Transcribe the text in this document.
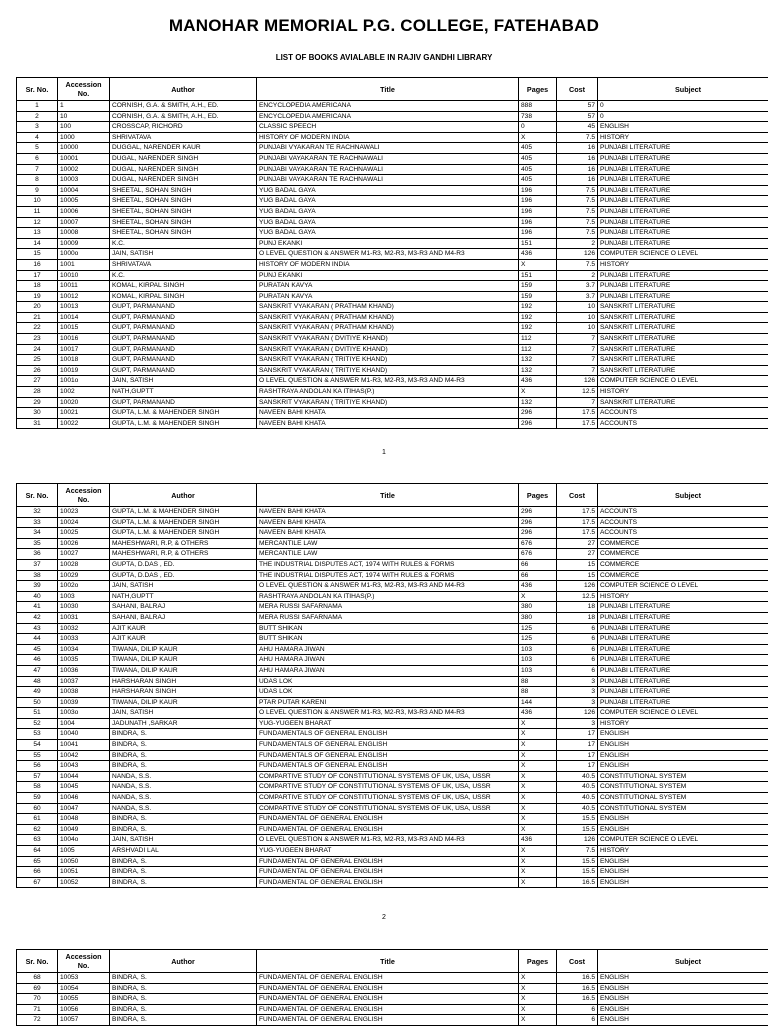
MANOHAR MEMORIAL P.G. COLLEGE, FATEHABAD
LIST OF BOOKS AVIALABLE IN RAJIV GANDHI LIBRARY
Sr. No.	Accession No.	Author	Title	Pages	Cost	Subject
1	1	CORNISH, G.A. & SMITH, A.H., ED.	ENCYCLOPEDIA AMERICANA	888	57	0
2	10	CORNISH, G.A. & SMITH, A.H., ED.	ENCYCLOPEDIA AMERICANA	738	57	0
3	100	CROSSCAP, RICHORD	CLASSIC SPEECH	0	45	ENGLISH
4	1000	SHRIVATAVA	HISTORY OF MODERN INDIA	X	7.5	HISTORY
5	10000	DUGGAL, NARENDER KAUR	PUNJABI VYAKARAN TE RACHNAWALI	405	16	PUNJABI LITERATURE
6	10001	DUGAL, NARENDER SINGH	PUNJABI VAYAKARAN TE RACHNAWALI	405	16	PUNJABI LITERATURE
7	10002	DUGAL, NARENDER SINGH	PUNJABI VAYAKARAN TE RACHNAWALI	405	16	PUNJABI LITERATURE
8	10003	DUGAL, NARENDER SINGH	PUNJABI VAYAKARAN TE RACHNAWALI	405	16	PUNJABI LITERATURE
9	10004	SHEETAL, SOHAN SINGH	YUG BADAL GAYA	196	7.5	PUNJABI LITERATURE
10	10005	SHEETAL, SOHAN SINGH	YUG BADAL GAYA	196	7.5	PUNJABI LITERATURE
11	10006	SHEETAL, SOHAN SINGH	YUG BADAL GAYA	196	7.5	PUNJABI LITERATURE
12	10007	SHEETAL, SOHAN SINGH	YUG BADAL GAYA	196	7.5	PUNJABI LITERATURE
13	10008	SHEETAL, SOHAN SINGH	YUG BADAL GAYA	196	7.5	PUNJABI LITERATURE
14	10009	K.C.	PUNJ EKANKI	151	2	PUNJABI LITERATURE
15	1000o	JAIN, SATISH	O LEVEL QUESTION & ANSWER M1-R3, M2-R3, M3-R3 AND M4-R3	436	126	COMPUTER SCIENCE O LEVEL
16	1001	SHRIVATAVA	HISTORY OF MODERN INDIA	X	7.5	HISTORY
17	10010	K.C.	PUNJ EKANKI	151	2	PUNJABI LITERATURE
18	10011	KOMAL, KIRPAL SINGH	PURATAN KAVYA	159	3.7	PUNJABI LITERATURE
19	10012	KOMAL, KIRPAL SINGH	PURATAN KAVYA	159	3.7	PUNJABI LITERATURE
20	10013	GUPT, PARMANAND	SANSKRIT VYAKARAN ( PRATHAM KHAND)	192	10	SANSKRIT LITERATURE
21	10014	GUPT, PARMANAND	SANSKRIT VYAKARAN ( PRATHAM KHAND)	192	10	SANSKRIT LITERATURE
22	10015	GUPT, PARMANAND	SANSKRIT VYAKARAN ( PRATHAM KHAND)	192	10	SANSKRIT LITERATURE
23	10016	GUPT, PARMANAND	SANSKRIT VYAKARAN ( DVITIYE KHAND)	112	7	SANSKRIT LITERATURE
24	10017	GUPT, PARMANAND	SANSKRIT VYAKARAN ( DVITIYE KHAND)	112	7	SANSKRIT LITERATURE
25	10018	GUPT, PARMANAND	SANSKRIT VYAKARAN ( TRITIYE KHAND)	132	7	SANSKRIT LITERATURE
26	10019	GUPT, PARMANAND	SANSKRIT VYAKARAN ( TRITIYE KHAND)	132	7	SANSKRIT LITERATURE
27	1001o	JAIN, SATISH	O LEVEL QUESTION & ANSWER M1-R3, M2-R3, M3-R3 AND M4-R3	436	126	COMPUTER SCIENCE O LEVEL
28	1002	NATH,GUPTT	RASHTRAYA ANDOLAN KA ITIHAS(P.)	X	12.5	HISTORY
29	10020	GUPT, PARMANAND	SANSKRIT VYAKARAN ( TRITIYE KHAND)	132	7	SANSKRIT LITERATURE
30	10021	GUPTA, L.M. & MAHENDER SINGH	NAVEEN BAHI KHATA	296	17.5	ACCOUNTS
31	10022	GUPTA, L.M. & MAHENDER SINGH	NAVEEN BAHI KHATA	296	17.5	ACCOUNTS
1
Sr. No.	Accession No.	Author	Title	Pages	Cost	Subject
32	10023	GUPTA, L.M. & MAHENDER SINGH	NAVEEN BAHI KHATA	296	17.5	ACCOUNTS
33	10024	GUPTA, L.M. & MAHENDER SINGH	NAVEEN BAHI KHATA	296	17.5	ACCOUNTS
34	10025	GUPTA, L.M. & MAHENDER SINGH	NAVEEN BAHI KHATA	296	17.5	ACCOUNTS
35	10026	MAHESHWARI, R.P, & OTHERS	MERCANTILE LAW	676	27	COMMERCE
36	10027	MAHESHWARI, R.P, & OTHERS	MERCANTILE LAW	676	27	COMMERCE
37	10028	GUPTA, D.DAS , ED.	THE INDUSTRIAL DISPUTES ACT, 1974 WITH RULES & FORMS	66	15	COMMERCE
38	10029	GUPTA, D.DAS , ED.	THE INDUSTRIAL DISPUTES ACT, 1974 WITH RULES & FORMS	66	15	COMMERCE
39	1002o	JAIN, SATISH	O LEVEL QUESTION & ANSWER M1-R3, M2-R3, M3-R3 AND M4-R3	436	126	COMPUTER SCIENCE O LEVEL
40	1003	NATH,GUPTT	RASHTRAYA ANDOLAN KA ITIHAS(P.)	X	12.5	HISTORY
41	10030	SAHANI, BALRAJ	MERA RUSSI SAFARNAMA	380	18	PUNJABI LITERATURE
42	10031	SAHANI, BALRAJ	MERA RUSSI SAFARNAMA	380	18	PUNJABI LITERATURE
43	10032	AJIT KAUR	BUTT SHIKAN	125	6	PUNJABI LITERATURE
44	10033	AJIT KAUR	BUTT SHIKAN	125	6	PUNJABI LITERATURE
45	10034	TIWANA, DILIP KAUR	AHU HAMARA JIWAN	103	6	PUNJABI LITERATURE
46	10035	TIWANA, DILIP KAUR	AHU HAMARA JIWAN	103	6	PUNJABI LITERATURE
47	10036	TIWANA, DILIP KAUR	AHU HAMARA JIWAN	103	6	PUNJABI LITERATURE
48	10037	HARSHARAN SINGH	UDAS LOK	88	3	PUNJABI LITERATURE
49	10038	HARSHARAN SINGH	UDAS LOK	88	3	PUNJABI LITERATURE
50	10039	TIWANA, DILIP KAUR	PTAR PUTAR KARENI	144	3	PUNJABI LITERATURE
51	1003o	JAIN, SATISH	O LEVEL QUESTION & ANSWER M1-R3, M2-R3, M3-R3 AND M4-R3	436	126	COMPUTER SCIENCE O LEVEL
52	1004	JADUNATH ,SARKAR	YUG-YUGEEN BHARAT	X	3	HISTORY
53	10040	BINDRA, S.	FUNDAMENTALS OF GENERAL ENGLISH	X	17	ENGLISH
54	10041	BINDRA, S.	FUNDAMENTALS OF GENERAL ENGLISH	X	17	ENGLISH
55	10042	BINDRA, S.	FUNDAMENTALS OF GENERAL ENGLISH	X	17	ENGLISH
56	10043	BINDRA, S.	FUNDAMENTALS OF GENERAL ENGLISH	X	17	ENGLISH
57	10044	NANDA, S.S.	COMPARTIVE STUDY OF CONSTITUTIONAL SYSTEMS OF UK, USA, USSR	X	40.5	CONSTITUTIONAL SYSTEM
58	10045	NANDA, S.S.	COMPARTIVE STUDY OF CONSTITUTIONAL SYSTEMS OF UK, USA, USSR	X	40.5	CONSTITUTIONAL SYSTEM
59	10046	NANDA, S.S.	COMPARTIVE STUDY OF CONSTITUTIONAL SYSTEMS OF UK, USA, USSR	X	40.5	CONSTITUTIONAL SYSTEM
60	10047	NANDA, S.S.	COMPARTIVE STUDY OF CONSTITUTIONAL SYSTEMS OF UK, USA, USSR	X	40.5	CONSTITUTIONAL SYSTEM
61	10048	BINDRA, S.	FUNDAMENTAL OF GENERAL ENGLISH	X	15.5	ENGLISH
62	10049	BINDRA, S.	FUNDAMENTAL OF GENERAL ENGLISH	X	15.5	ENGLISH
63	1004o	JAIN, SATISH	O LEVEL QUESTION & ANSWER M1-R3, M2-R3, M3-R3 AND M4-R3	436	126	COMPUTER SCIENCE O LEVEL
64	1005	ARSHVADI LAL	YUG-YUGEEN BHARAT	X	7.5	HISTORY
65	10050	BINDRA, S.	FUNDAMENTAL OF GENERAL ENGLISH	X	15.5	ENGLISH
66	10051	BINDRA, S.	FUNDAMENTAL OF GENERAL ENGLISH	X	15.5	ENGLISH
67	10052	BINDRA, S.	FUNDAMENTAL OF GENERAL ENGLISH	X	16.5	ENGLISH
2
Sr. No.	Accession No.	Author	Title	Pages	Cost	Subject
68	10053	BINDRA, S.	FUNDAMENTAL OF GENERAL ENGLISH	X	16.5	ENGLISH
69	10054	BINDRA, S.	FUNDAMENTAL OF GENERAL ENGLISH	X	16.5	ENGLISH
70	10055	BINDRA, S.	FUNDAMENTAL OF GENERAL ENGLISH	X	16.5	ENGLISH
71	10056	BINDRA, S.	FUNDAMENTAL OF GENERAL ENGLISH	X	6	ENGLISH
72	10057	BINDRA, S.	FUNDAMENTAL OF GENERAL ENGLISH	X	6	ENGLISH
